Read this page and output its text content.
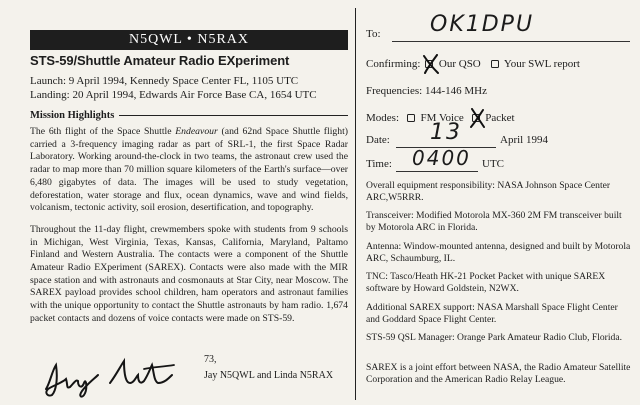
N5QWL • N5RAX
STS-59/Shuttle Amateur Radio EXperiment
Launch: 9 April 1994, Kennedy Space Center FL, 1105 UTC
Landing: 20 April 1994, Edwards Air Force Base CA, 1654 UTC
Mission Highlights

The 6th flight of the Space Shuttle Endeavour (and 62nd Space Shuttle flight) carried a 3-frequency imaging radar as part of SRL-1, the first Space Radar Laboratory. Working around-the-clock in two teams, the astronaut crew used the radar to map more than 70 million square kilometers of the Earth's surface—over 6,480 gigabytes of data. The images will be used to study vegetation, deforestation, water storage and flux, ocean dynamics, wave and wind fields, volcanism, tectonic activity, soil erosion, desertification, and topography.

Throughout the 11-day flight, crewmembers spoke with students from 9 schools in Michigan, West Virginia, Texas, Kansas, California, Maryland, Paltamo Finland and Western Australia. The contacts were a component of the Shuttle Amateur Radio EXperiment (SAREX). Contacts were also made with the MIR space station and with astronauts and cosmonauts at Star City, near Moscow. The SAREX payload provides school children, ham operators and astronaut families with the unique opportunity to contact the Shuttle astronauts by ham radio. 1,674 packet contacts and dozens of voice contacts were made on STS-59.

73,
Jay N5QWL and Linda N5RAX
To: OK1DPU
Confirming: Our QSO Your SWL report
Frequencies: 144-146 MHz
Modes: FM Voice Packet
Date: 13	April 1994
Time: 0400 UTC

Overall equipment responsibility: NASA Johnson Space Center ARC,W5RRR.

Transceiver: Modified Motorola MX-360 2M FM transceiver built by Motorola ARC in Florida.

Antenna: Window-mounted antenna, designed and built by Motorola ARC, Schaumburg, IL.

TNC: Tasco/Heath HK-21 Pocket Packet with unique SAREX software by Howard Goldstein, N2WX.

Additional SAREX support: NASA Marshall Space Flight Center and Goddard Space Flight Center.

STS-59 QSL Manager: Orange Park Amateur Radio Club, Florida.

SAREX is a joint effort between NASA, the Radio Amateur Satellite Corporation and the American Radio Relay League.
